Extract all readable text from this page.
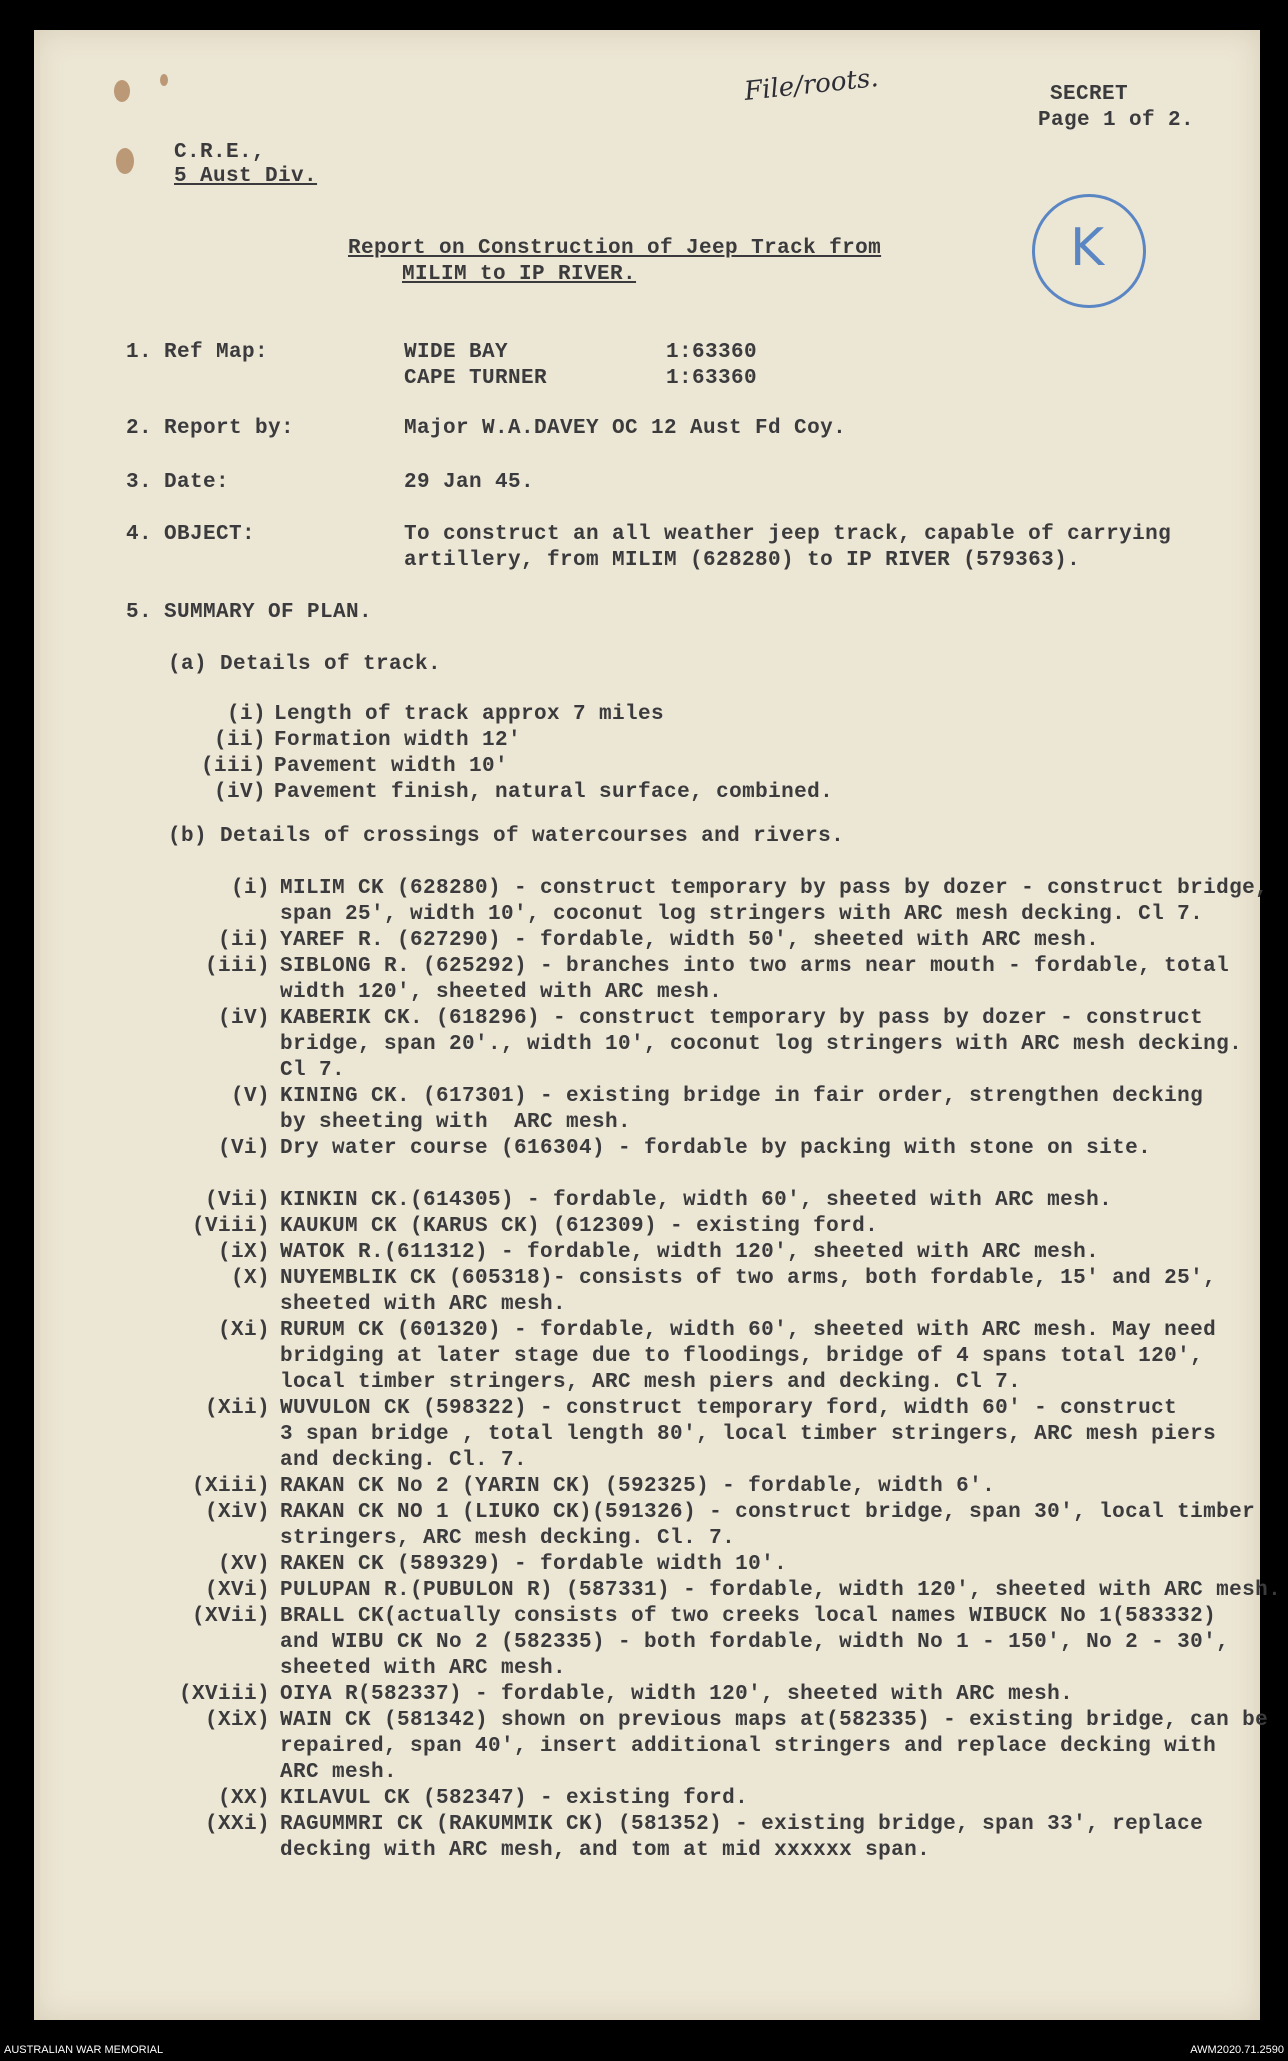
File/roots.	SECRET
Page 1 of 2.
C.R.E.,
5 Aust Div.
K
Report on Construction of Jeep Track from
MILIM to IP RIVER.
1. Ref Map:	WIDE BAY	1:63360
CAPE TURNER	1:63360
2. Report by:	Major W.A.DAVEY OC 12 Aust Fd Coy.
3. Date:	29 Jan 45.
4. OBJECT:	To construct an all weather jeep track, capable of carrying
artillery, from MILIM (628280) to IP RIVER (579363).
5. SUMMARY OF PLAN.
(a) Details of track.
(i) Length of track approx 7 miles
(ii) Formation width 12'
(iii) Pavement width 10'
(iV) Pavement finish, natural surface, combined.
(b) Details of crossings of watercourses and rivers.
(i) MILIM CK (628280) - construct temporary by pass by dozer - construct bridge,
span 25', width 10', coconut log stringers with ARC mesh decking. Cl 7.
(ii) YAREF R. (627290) - fordable, width 50', sheeted with ARC mesh.
(iii) SIBLONG R. (625292) - branches into two arms near mouth - fordable, total
width 120', sheeted with ARC mesh.
(iV) KABERIK CK. (618296) - construct temporary by pass by dozer - construct
bridge, span 20'., width 10', coconut log stringers with ARC mesh decking.
Cl 7.
(V) KINING CK. (617301) - existing bridge in fair order, strengthen decking
by sheeting with  ARC mesh.
(Vi) Dry water course (616304) - fordable by packing with stone on site.
(Vii) KINKIN CK.(614305) - fordable, width 60', sheeted with ARC mesh.
(Viii) KAUKUM CK (KARUS CK) (612309) - existing ford.
(iX) WATOK R.(611312) - fordable, width 120', sheeted with ARC mesh.
(X) NUYEMBLIK CK (605318)- consists of two arms, both fordable, 15' and 25',
sheeted with ARC mesh.
(Xi) RURUM CK (601320) - fordable, width 60', sheeted with ARC mesh. May need
bridging at later stage due to floodings, bridge of 4 spans total 120',
local timber stringers, ARC mesh piers and decking. Cl 7.
(Xii) WUVULON CK (598322) - construct temporary ford, width 60' - construct
3 span bridge , total length 80', local timber stringers, ARC mesh piers
and decking. Cl. 7.
(Xiii) RAKAN CK No 2 (YARIN CK) (592325) - fordable, width 6'.
(XiV) RAKAN CK NO 1 (LIUKO CK)(591326) - construct bridge, span 30', local timber
stringers, ARC mesh decking. Cl. 7.
(XV) RAKEN CK (589329) - fordable width 10'.
(XVi) PULUPAN R.(PUBULON R) (587331) - fordable, width 120', sheeted with ARC mesh.
(XVii) BRALL CK(actually consists of two creeks local names WIBUCK No 1(583332)
and WIBU CK No 2 (582335) - both fordable, width No 1 - 150', No 2 - 30',
sheeted with ARC mesh.
(XViii) OIYA R(582337) - fordable, width 120', sheeted with ARC mesh.
(XiX) WAIN CK (581342) shown on previous maps at(582335) - existing bridge, can be
repaired, span 40', insert additional stringers and replace decking with
ARC mesh.
(XX) KILAVUL CK (582347) - existing ford.
(XXi) RAGUMMRI CK (RAKUMMIK CK) (581352) - existing bridge, span 33', replace
decking with ARC mesh, and tom at mid xxxxxx span.
AUSTRALIAN WAR MEMORIAL	AWM2020.71.2590
